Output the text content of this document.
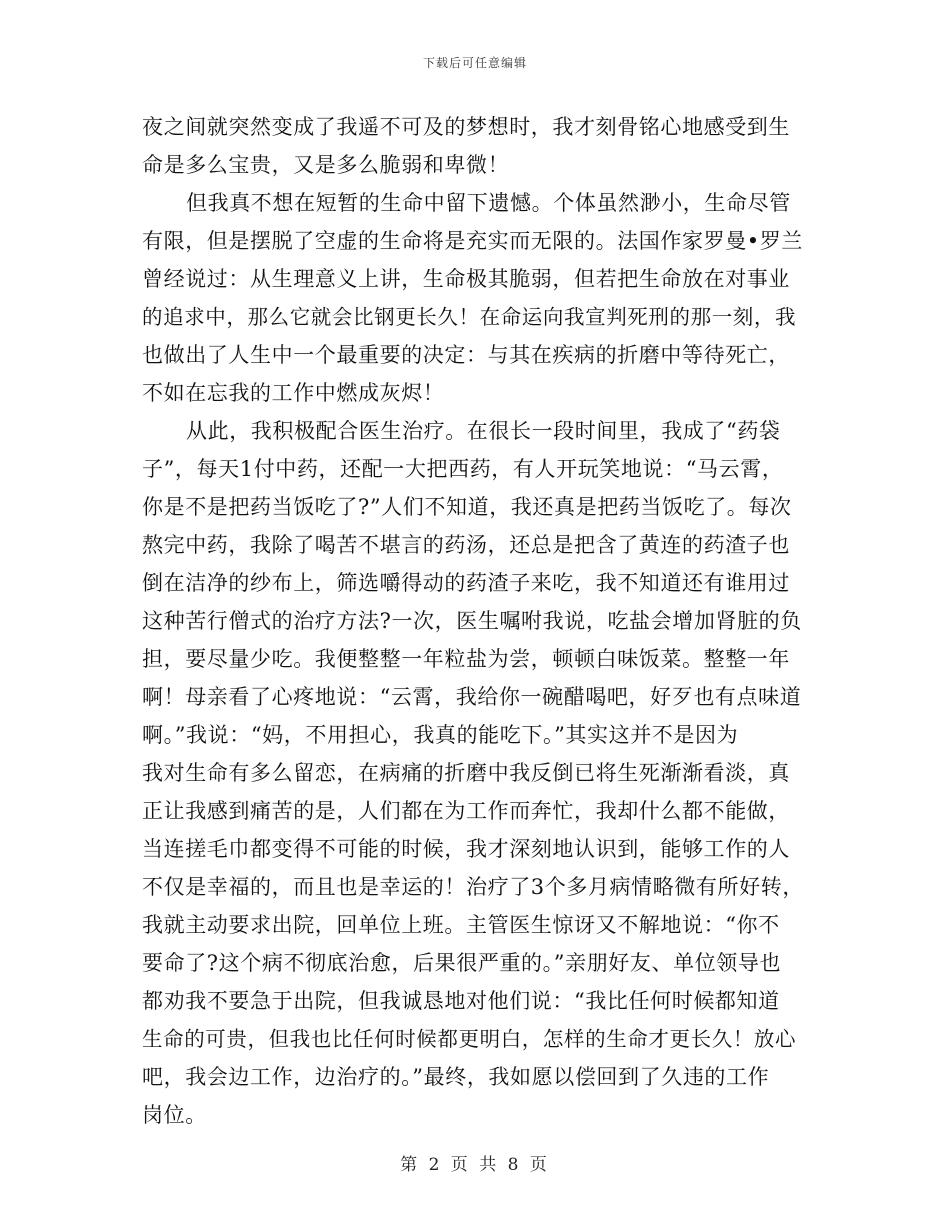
下载后可任意编辑
夜之间就突然变成了我遥不可及的梦想时，我才刻骨铭心地感受到生
命是多么宝贵，又是多么脆弱和卑微！
但我真不想在短暂的生命中留下遗憾。个体虽然渺小，生命尽管
有限，但是摆脱了空虚的生命将是充实而无限的。法国作家罗曼•罗兰
曾经说过：从生理意义上讲，生命极其脆弱，但若把生命放在对事业
的追求中，那么它就会比钢更长久！在命运向我宣判死刑的那一刻，我
也做出了人生中一个最重要的决定：与其在疾病的折磨中等待死亡，
不如在忘我的工作中燃成灰烬！
从此，我积极配合医生治疗。在很长一段时间里，我成了“药袋
子”，每天1付中药，还配一大把西药，有人开玩笑地说：“马云霄，
你是不是把药当饭吃了?”人们不知道，我还真是把药当饭吃了。每次
熬完中药，我除了喝苦不堪言的药汤，还总是把含了黄连的药渣子也
倒在洁净的纱布上，筛选嚼得动的药渣子来吃，我不知道还有谁用过
这种苦行僧式的治疗方法?一次，医生嘱咐我说，吃盐会增加肾脏的负
担，要尽量少吃。我便整整一年粒盐为尝，顿顿白味饭菜。整整一年
啊！母亲看了心疼地说：“云霄，我给你一碗醋喝吧，好歹也有点味道
啊。”我说：“妈，不用担心，我真的能吃下。”其实这并不是因为
我对生命有多么留恋，在病痛的折磨中我反倒已将生死渐渐看淡，真
正让我感到痛苦的是，人们都在为工作而奔忙，我却什么都不能做，
当连搓毛巾都变得不可能的时候，我才深刻地认识到，能够工作的人
不仅是幸福的，而且也是幸运的！治疗了3个多月病情略微有所好转，
我就主动要求出院，回单位上班。主管医生惊讶又不解地说：“你不
要命了?这个病不彻底治愈，后果很严重的。”亲朋好友、单位领导也
都劝我不要急于出院，但我诚恳地对他们说：“我比任何时候都知道
生命的可贵，但我也比任何时候都更明白，怎样的生命才更长久！放心
吧，我会边工作，边治疗的。”最终，我如愿以偿回到了久违的工作
岗位。
第 2 页 共 8 页
